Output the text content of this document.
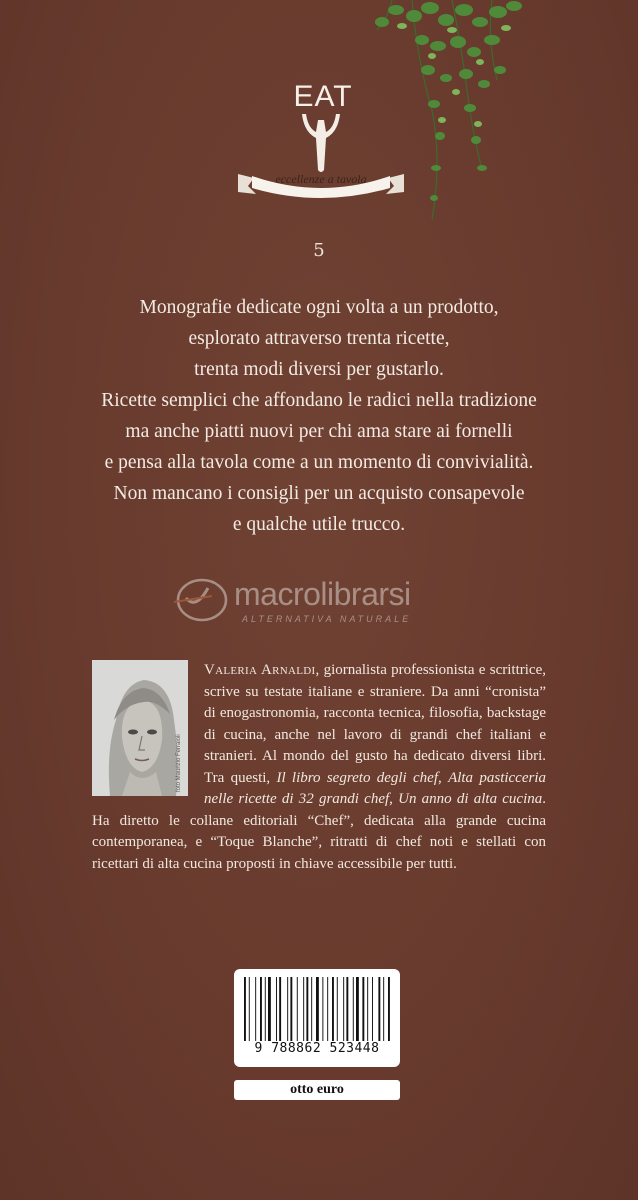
EAT
eccellenze a tavola
5
Monografie dedicate ogni volta a un prodotto,
esplorato attraverso trenta ricette,
trenta modi diversi per gustarlo.
Ricette semplici che affondano le radici nella tradizione
ma anche piatti nuovi per chi ama stare ai fornelli
e pensa alla tavola come a un momento di convivialità.
Non mancano i consigli per un acquisto consapevole
e qualche utile trucco.
macrolibrarsi
ALTERNATIVA NATURALE
foto Maurizio Ferraioli
Valeria Arnaldi, giornalista professionista e scrittrice, scrive su testate italiane e straniere. Da anni “cronista” di enogastronomia, racconta tecnica, filosofia, backstage di cucina, anche nel lavoro di grandi chef italiani e stranieri. Al mondo del gusto ha dedicato diversi libri. Tra questi, Il libro segreto degli chef, Alta pasticceria nelle ricette di 32 grandi chef, Un anno di alta cucina. Ha diretto le collane editoriali “Chef”, dedicata alla grande cucina contemporanea, e “Toque Blanche”, ritratti di chef noti e stellati con ricettari di alta cucina proposti in chiave accessibile per tutti.
9 788862 523448
otto euro
